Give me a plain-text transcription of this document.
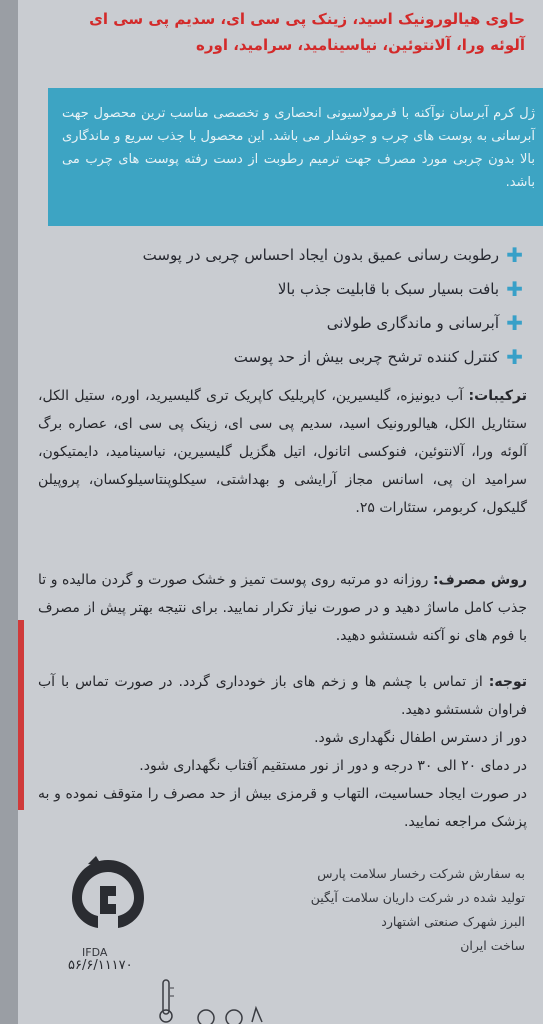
حاوی هیالورونیک اسید، زینک پی سی ای، سدیم پی سی ای
آلوئه ورا، آلانتوئین، نیاسینامید، سرامید، اوره
ژل کرم آبرسان نوآکنه با فرمولاسیونی انحصاری و تخصصی مناسب ترین محصول جهت آبرسانی به پوست های چرب و جوشدار می باشد. این محصول با جذب سریع و ماندگاری بالا بدون چربی مورد مصرف جهت ترمیم رطوبت از دست رفته پوست های چرب می باشد.
✚
رطوبت رسانی عمیق بدون ایجاد احساس چربی در پوست
✚
بافت بسیار سبک با قابلیت جذب بالا
✚
آبرسانی و ماندگاری طولانی
✚
کنترل کننده ترشح چربی بیش از حد پوست
ترکیبات: آب دیونیزه، گلیسیرین، کاپریلیک کاپریک تری گلیسیرید، اوره، ستیل الکل، ستئاریل الکل، هیالورونیک اسید، سدیم پی سی ای، زینک پی سی ای، عصاره برگ آلوئه ورا، آلانتوئین، فنوکسی اتانول، اتیل هگزیل گلیسیرین، نیاسینامید، دایمتیکون، سرامید ان پی، اسانس مجاز آرایشی و بهداشتی، سیکلوپنتاسیلوکسان، پروپیلن گلیکول، کربومر، ستئارات ۲۵.
روش مصرف: روزانه دو مرتبه روی پوست تمیز و خشک صورت و گردن مالیده و تا جذب کامل ماساژ دهید و در صورت نیاز تکرار نمایید. برای نتیجه بهتر پیش از مصرف با فوم های نو آکنه شستشو دهید.
توجه: از تماس با چشم ها و زخم های باز خودداری گردد. در صورت تماس با آب فراوان شستشو دهید.
دور از دسترس اطفال نگهداری شود.
در دمای ۲۰ الی ۳۰ درجه و دور از نور مستقیم آفتاب نگهداری شود.
در صورت ایجاد حساسیت، التهاب و قرمزی بیش از حد مصرف را متوقف نموده و به پزشک مراجعه نمایید.
به سفارش شرکت رخسار سلامت پارس
تولید شده در شرکت داریان سلامت آیگین
البرز شهرک صنعتی اشتهارد
ساخت ایران
IFDA
۵۶/۶/۱۱۱۷۰
